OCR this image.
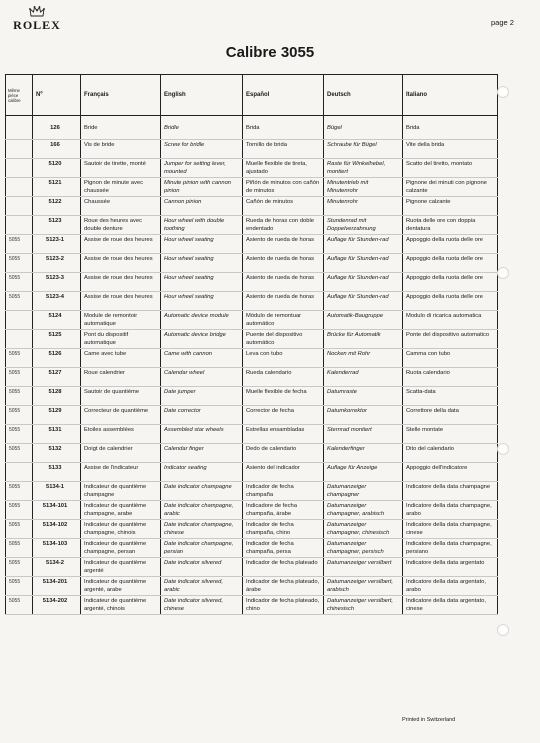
ROLEX	page 2
Calibre 3055
Même pièce calibre	Nº	Français	English	Español	Deutsch	Italiano
	126	Bride	Bridle	Brida	Bügel	Brida
	166	Vis de bride	Screw for bridle	Tornillo de brida	Schraube für Bügel	Vite della brida
	5120	Sautoir de tirette, monté	Jumper for setting lever, mounted	Muelle flexible de tireta, ajustado	Raste für Winkelhebel, montiert	Scatto del tiretto, montato
	5121	Pignon de minute avec chaussée	Minute pinion with cannon pinion	Piñón de minutos con cañón de minutos	Minutentrieb mit Minutenrohr	Pignone dei minuti con pignone calzante
	5122	Chaussée	Cannon pinion	Cañón de minutos	Minutenrohr	Pignone calzante
	5123	Roue des heures avec double denture	Hour wheel with double toothing	Rueda de horas con doble endentado	Stundenrad mit Doppelverzahnung	Ruota delle ore con doppia dentatura
5055	5123-1	Assise de roue des heures	Hour wheel seating	Asiento de rueda de horas	Auflage für Stunden-rad	Appoggio della ruota delle ore
5055	5123-2	Assise de roue des heures	Hour wheel seating	Asiento de rueda de horas	Auflage für Stunden-rad	Appoggio della ruota delle ore
5055	5123-3	Assise de roue des heures	Hour wheel seating	Asiento de rueda de horas	Auflage für Stunden-rad	Appoggio della ruota delle ore
5055	5123-4	Assise de roue des heures	Hour wheel seating	Asiento de rueda de horas	Auflage für Stunden-rad	Appoggio della ruota delle ore
	5124	Module de remontoir automatique	Automatic device module	Módulo de remontuar automático	Automatik-Baugruppe	Modulo di ricarica automatica
	5125	Pont du dispositif automatique	Automatic device bridge	Puente del dispositivo automático	Brücke für Automatik	Ponte del dispositivo automatico
5055	5126	Came avec tube	Came with cannon	Leva con tubo	Nocken mit Rohr	Camma con tubo
5055	5127	Roue calendrier	Calendar wheel	Rueda calendario	Kalenderrad	Ruota calendario
5055	5128	Sautoir de quantième	Date jumper	Muelle flexible de fecha	Datumraste	Scatta-data
5055	5129	Correcteur de quantième	Date corrector	Corrector de fecha	Datumkorrektor	Correttore della data
5055	5131	Etoiles assemblées	Assembled star wheels	Estrellas ensambladas	Sternrad montiert	Stelle montate
5055	5132	Doigt de calendrier	Calendar finger	Dedo de calendario	Kalenderfinger	Dito del calendario
	5133	Assise de l'indicateur	Indicator seating	Asiento del indicador	Auflage für Anzeige	Appoggio dell'indicatore
5055	5134-1	Indicateur de quantième champagne	Date indicator champagne	Indicador de fecha champaña	Datumanzeiger champagner	Indicatore della data champagne
5055	5134-101	Indicateur de quantième champagne, arabe	Date indicator champagne, arabic	Indicadore de fecha champaña, árabe	Datumanzeiger champagner, arabisch	Indicatore della data champagne, arabo
5055	5134-102	Indicateur de quantième champagne, chinois	Date indicator champagne, chinese	Indicador de fecha champaña, chino	Datumanzeiger champagner, chinesisch	Indicatore della data champagne, cinese
5055	5134-103	Indicateur de quantième champagne, persan	Date indicator champagne, persian	Indicador de fecha champaña, persa	Datumanzeiger champagner, persisch	Indicatore della data champagne, persiano
5055	5134-2	Indicateur de quantième argenté	Date indicator silvered	Indicador de fecha plateado	Datumanzeiger versilbert	Indicatore della data argentato
5055	5134-201	Indicateur de quantième argenté, arabe	Date indicator silvered, arabic	Indicador de fecha plateado, árabe	Datumanzeiger versilbert, arabisch	Indicatore della data argentato, arabo
5055	5134-202	Indicateur de quantième argenté, chinois	Date indicator silvered, chinese	Indicador de fecha plateado, chino	Datumanzeiger versilbert, chinesisch	Indicatore della data argentato, cinese
Printed in Switzerland
